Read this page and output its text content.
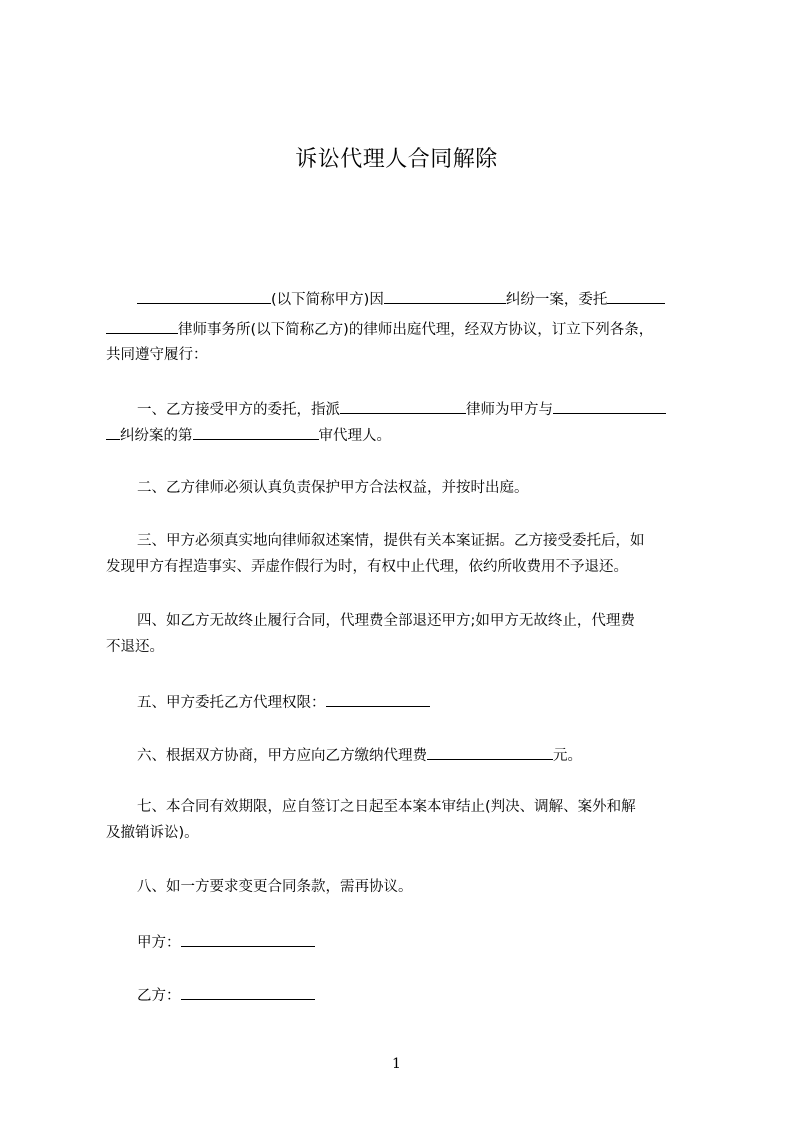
诉讼代理人合同解除
(以下简称甲方)因	纠纷一案，委托
律师事务所(以下简称乙方)的律师出庭代理，经双方协议，订立下列各条，
共同遵守履行：
一、乙方接受甲方的委托，指派	律师为甲方与
纠纷案的第	审代理人。
二、乙方律师必须认真负责保护甲方合法权益，并按时出庭。
三、甲方必须真实地向律师叙述案情，提供有关本案证据。乙方接受委托后，如
发现甲方有捏造事实、弄虚作假行为时，有权中止代理，依约所收费用不予退还。
四、如乙方无故终止履行合同，代理费全部退还甲方;如甲方无故终止，代理费
不退还。
五、甲方委托乙方代理权限：
六、根据双方协商，甲方应向乙方缴纳代理费	元。
七、本合同有效期限，应自签订之日起至本案本审结止(判决、调解、案外和解
及撤销诉讼)。
八、如一方要求变更合同条款，需再协议。
甲方：
乙方：
1
